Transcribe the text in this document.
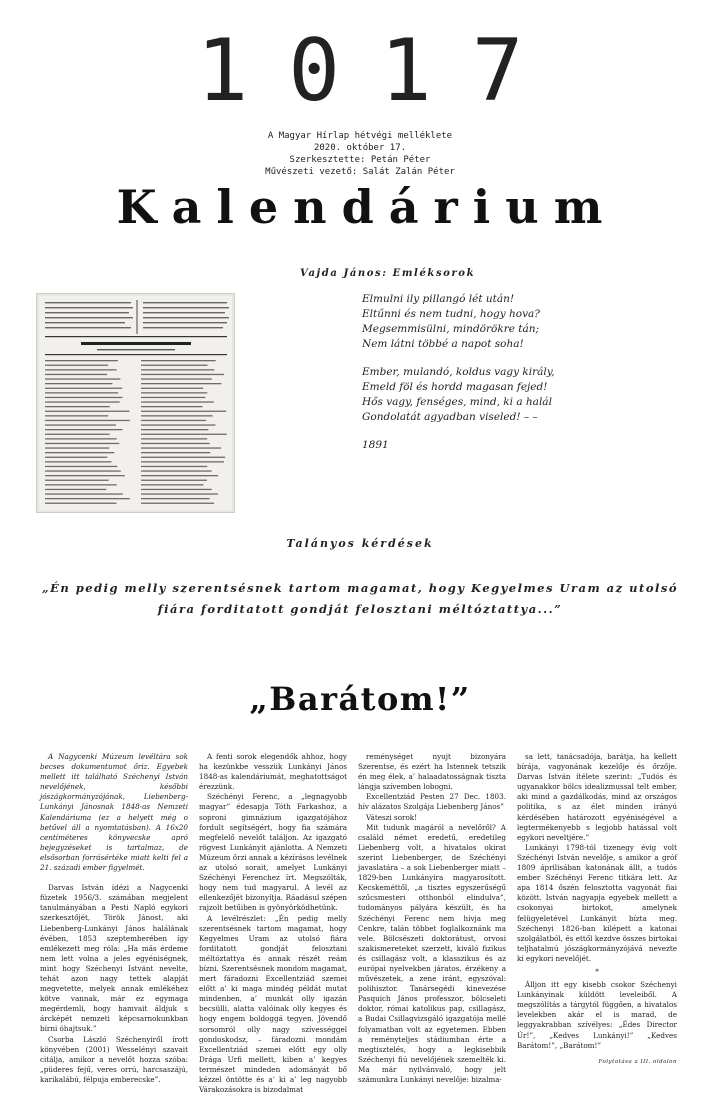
1017
A Magyar Hírlap hétvégi melléklete
2020. október 17.
Szerkesztette: Petán Péter
Művészeti vezető: Salát Zalán Péter
Kalendárium
Vajda János: Emléksorok
Elmulni ily pillangó lét után!
Eltűnni és nem tudni, hogy hova?
Megsemmisülni, mindörökre tán;
Nem látni többé a napot soha!
Ember, mulandó, koldus vagy király,
Emeld föl és hordd magasan fejed!
Hős vagy, fenséges, mind, ki a halál
Gondolatát agyadban viseled! – –
1891
Talányos kérdések
„Én pedig melly szerentsésnek tartom magamat, hogy Kegyelmes Uram az utolsó fiára forditatott gondját felosztani méltóztattya...”
„Barátom!”

A Nagycenki Múzeum levéltára sok becses dokumentumot őriz. Egyebek mellett itt található Széchenyi István nevelőjének, későbbi jószágkormányzójának, Liebenberg-Lunkányi Jánosnak 1848-as Nemzeti Kalendáriuma (ez a helyett még o betűvel áll a nyomtatásban). A 16x20 centiméteres könyvecske apró bejegyzéseket is tartalmaz, de elsősorban forrásértéke miatt kelti fel a 21. századi ember figyelmét.

Darvas István ídézi a Nagycenki füzetek 1956/3. számában megjelent tanulmányában a Pesti Napló egykori szerkesztőjét, Török Jánost, aki Liebenberg-Lunkányi János halálának évében, 1853 szeptemberében így emlékezett meg róla: „Ha más érdeme nem lett volna a jeles egyéniségnek, mint hogy Széchenyi Istvánt nevelte, tehát azon nagy tettek alapját megvetette, melyek annak emlékéhez kötve vannak, már ez egymaga megérdemli, hogy hamvait áldjuk s árcképét nemzeti képcsarnokunkban bírni óhajtsuk.”

Csorba László Széchenyiről írott könyvében (2001) Wesselényi szavait citálja, amikor a nevelőt hozza szóba: „püderes fejű, veres orrú, harcsaszájú, karikalábú, félpuja emberecske”.

A fenti sorok elegendők ahhoz, hogy ha kezünkbe vesszük Lunkányi János 1848-as kalendáriumát, meghatottságot érezzünk.

Széchényi Ferenc, a „legnagyobb magyar” édesapja Tóth Farkashoz, a soproni gimnázium igazgatójához fordult segítségért, hogy fia számára megfelelő nevelőt találjon. Az igazgató rögvest Lunkányit ajánlotta. A Nemzeti Múzeum őrzi annak a kézírásos levélnek az utolsó sorait, amelyet Lunkányi Széchényi Ferenchez írt. Megszólták, hogy nem tud magyarul. A levél az ellenkezőjét bizonyítja. Ráadásul szépen rajzolt betűiben is gyönyörködhetünk.

A levélrészlet: „Én pedig melly szerentsésnek tartom magamat, hogy Kegyelmes Uram az utolsó fiára forditatott gondját felosztani méltóztattya és annak részét reám bízni. Szerentsésnek mondom magamat, mert fáradozni Excellentziád szemei előtt a’ ki maga mindég példát mutat mindenben, a’ munkát olly igazán becsülli, alatta valóinak olly kegyes és hogy engem boldoggá tegyen. Jövendő sorsomról olly nagy szívességgel gondoskodsz, – fáradozni mondám Excellentziád szemei előtt egy olly Drága Urfi mellett, kiben a’ kegyes természet mindeden adományát bő kézzel öntötte és a’ ki a’ leg nagyobb Várakozásokra is bizodalmat

reménységet nyujt bizonyára Szerentse, és ezért ha Istennek tetszik én meg élek, a’ halaadatosságnak tiszta lángja szívemben lobogni.

Excellentziád Pesten 27 Dec. 1803. hív alázatos Szolgája Liebenberg János”

Váteszi sorok!

Mit tudunk magáról a nevelőről? A csaláld német eredetű, eredetileg Liebenberg volt, a hivatalos okirat szerint Liebenberger, de Széchényi javaslatára – a sok Liebenberger miatt – 1829-ben Lunkányira magyarosított. Kecskeméttől, „a tisztes egyszerűségű szűcsmesteri otthonból elindulva”, tudományos pályára készült, és ha Széchényi Ferenc nem hívja meg Cenkre, talán többet foglalkoznánk ma vele. Bölcsészeti doktorátust, orvosi szakismereteket szerzett, kiváló fizikus és csillagász volt, a klasszikus és az európai nyelvekben járatos, érzékeny a művészetek, a zene iránt, egyszóval: polihisztor. Tanársegédi kinevezése Pasquich János professzor, bölcseleti doktor, római katolikus pap, csillagász, a Budai Csillagvizsgáló igazgatója mellé folyamatban volt az egyetemen. Ebben a reményteljes stádiumban érte a megtisztelés, hogy a legkisebbik Széchenyi fiú nevelőjének szemelték ki. Ma már nyilvánvaló, hogy jelt számunkra Lunkányi nevelője: bizalma-

sa lett, tanácsadója, barátja, ha kellett bírája, vagyonának kezelője és őrzője. Darvas István ítélete szerint: „Tudós és ugyanakkor bölcs idealizmussal telt ember, aki mind a gazdálkodás, mind az országos politika, s az élet minden irányú kérdésében határozott egyéniségével a legtermékenyebb s legjobb hatással volt egykori neveltjére.”

Lunkányi 1798-tól tizenegy évig volt Széchényi István nevelője, s amikor a gróf 1809 áprilisában katonának állt, a tudós ember Széchényi Ferenc titkára lett. Az apa 1814 őszén felosztotta vagyonát fiai között. István nagyapja egyebek mellett a csokonyai birtokot, amelynek felügyeletével Lunkányit bízta meg. Széchenyi 1826-ban kilépett a katonai szolgálatból, és ettől kezdve összes birtokai teljhatalmú jószágkormányzójává nevezte ki egykori nevelőjét.

*

Álljon itt egy kisebb csokor Széchenyi Lunkányinak küldött leveleiből. A megszólítás a tárgytól függően, a hivatalos levelekben akár el is marad, de leggyakrabban szívélyes: „Édes Director Úr!”, „Kedves Lunkányi!” „Kedves Barátom!”, „Barátom!”

Folytatása a III. oldalon
